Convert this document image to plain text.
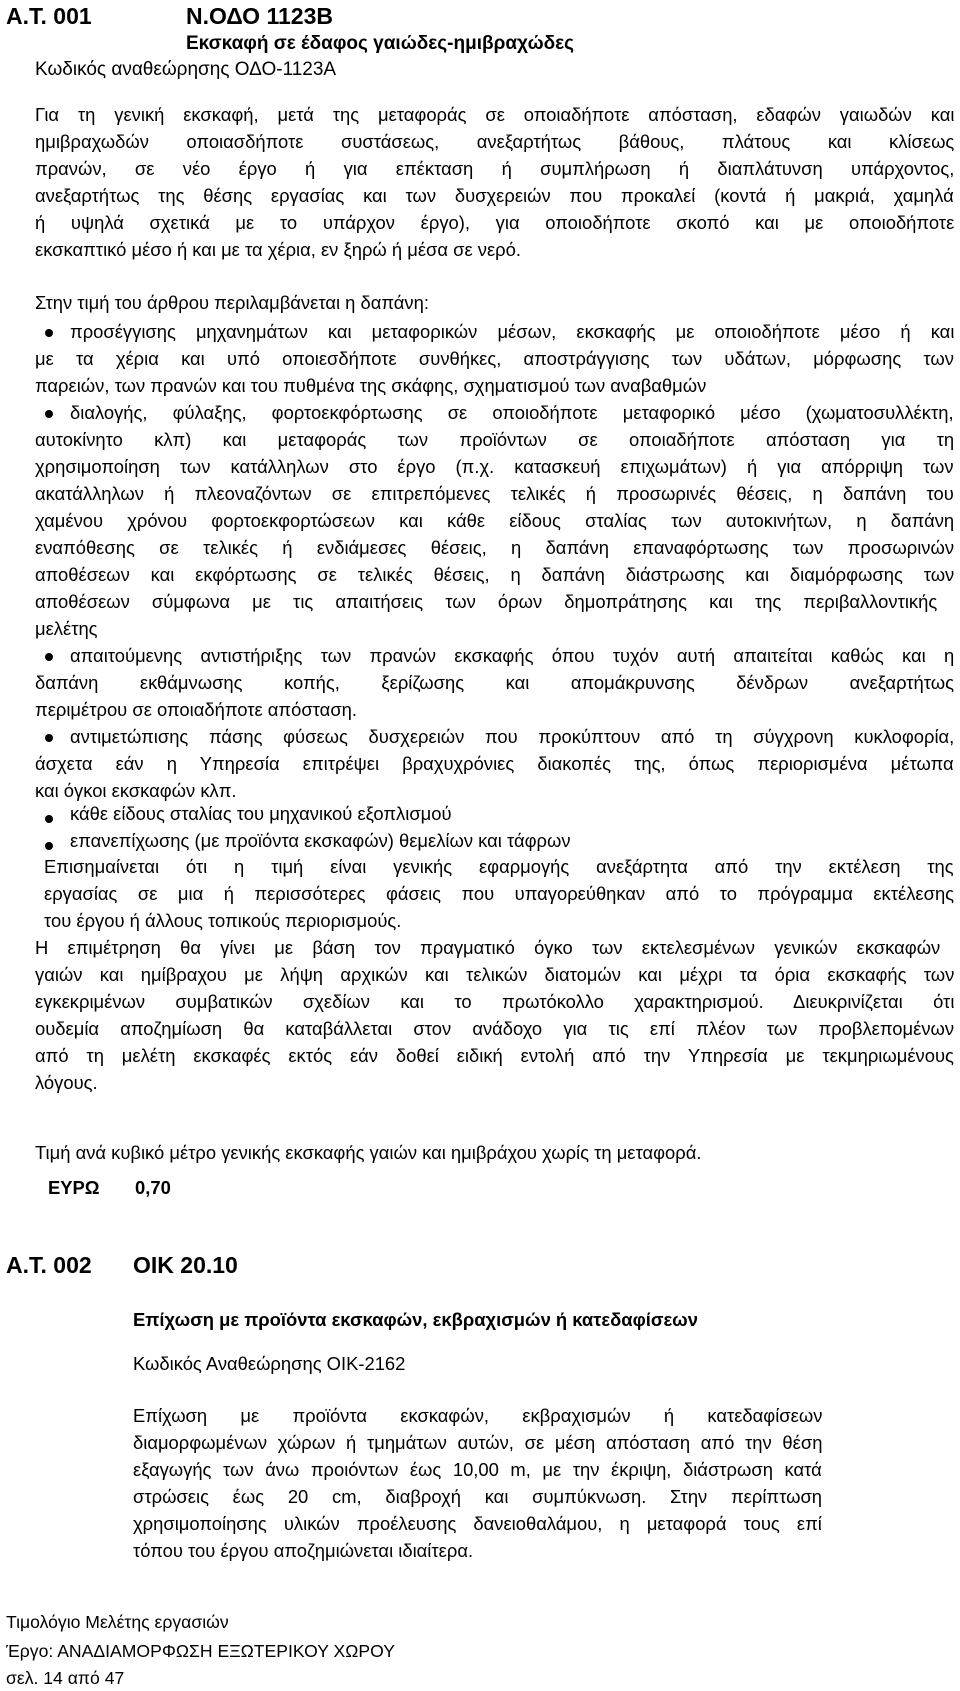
Α.Τ. 001	Ν.ΟΔΟ 1123Β
Εκσκαφή σε έδαφος γαιώδες-ημιβραχώδες
Κωδικός αναθεώρησης ΟΔΟ-1123Α
Για τη γενική εκσκαφή, μετά της μεταφοράς σε οποιαδήποτε απόσταση, εδαφών γαιωδών και
ημιβραχωδών οποιασδήποτε συστάσεως, ανεξαρτήτως βάθους, πλάτους και κλίσεως
πρανών, σε νέο έργο ή για επέκταση ή συμπλήρωση ή διαπλάτυνση υπάρχοντος,
ανεξαρτήτως της θέσης εργασίας και των δυσχερειών που προκαλεί (κοντά ή μακριά, χαμηλά
ή υψηλά σχετικά με το υπάρχον έργο), για οποιοδήποτε σκοπό και με οποιοδήποτε
εκσκαπτικό μέσο ή και με τα χέρια, εν ξηρώ ή μέσα σε νερό.
Στην τιμή του άρθρου περιλαμβάνεται η δαπάνη:
προσέγγισης μηχανημάτων και μεταφορικών μέσων, εκσκαφής με οποιοδήποτε μέσο ή και
με τα χέρια και υπό οποιεσδήποτε συνθήκες, αποστράγγισης των υδάτων, μόρφωσης των
παρειών, των πρανών και του πυθμένα της σκάφης, σχηματισμού των αναβαθμών
διαλογής, φύλαξης, φορτοεκφόρτωσης σε οποιοδήποτε μεταφορικό μέσο (χωματοσυλλέκτη,
αυτοκίνητο κλπ) και μεταφοράς των προϊόντων σε οποιαδήποτε απόσταση για τη
χρησιμοποίηση των κατάλληλων στο έργο (π.χ. κατασκευή επιχωμάτων) ή για απόρριψη των
ακατάλληλων ή πλεοναζόντων σε επιτρεπόμενες τελικές ή προσωρινές θέσεις, η δαπάνη του
χαμένου χρόνου φορτοεκφορτώσεων και κάθε είδους σταλίας των αυτοκινήτων, η δαπάνη
εναπόθεσης σε τελικές ή ενδιάμεσες θέσεις, η δαπάνη επαναφόρτωσης των προσωρινών
αποθέσεων και εκφόρτωσης σε τελικές θέσεις, η δαπάνη διάστρωσης και διαμόρφωσης των
αποθέσεων σύμφωνα με τις απαιτήσεις των όρων δημοπράτησης και της περιβαλλοντικής
μελέτης
απαιτούμενης αντιστήριξης των πρανών εκσκαφής όπου τυχόν αυτή απαιτείται καθώς και η
δαπάνη εκθάμνωσης κοπής, ξερίζωσης και απομάκρυνσης δένδρων ανεξαρτήτως
περιμέτρου σε οποιαδήποτε απόσταση.
αντιμετώπισης πάσης φύσεως δυσχερειών που προκύπτουν από τη σύγχρονη κυκλοφορία,
άσχετα εάν η Υπηρεσία επιτρέψει βραχυχρόνιες διακοπές της, όπως περιορισμένα μέτωπα
και όγκοι εκσκαφών κλπ.
κάθε είδους σταλίας του μηχανικού εξοπλισμού
επανεπίχωσης (με προϊόντα εκσκαφών) θεμελίων και τάφρων
Επισημαίνεται ότι η τιμή είναι γενικής εφαρμογής ανεξάρτητα από την εκτέλεση της
εργασίας σε μια ή περισσότερες φάσεις που υπαγορεύθηκαν από το πρόγραμμα εκτέλεσης
του έργου ή άλλους τοπικούς περιορισμούς.
Η επιμέτρηση θα γίνει με βάση τον πραγματικό όγκο των εκτελεσμένων γενικών εκσκαφών
γαιών και ημίβραχου με λήψη αρχικών και τελικών διατομών και μέχρι τα όρια εκσκαφής των
εγκεκριμένων συμβατικών σχεδίων και το πρωτόκολλο χαρακτηρισμού. Διευκρινίζεται ότι
ουδεμία αποζημίωση θα καταβάλλεται στον ανάδοχο για τις επί πλέον των προβλεπομένων
από τη μελέτη εκσκαφές εκτός εάν δοθεί ειδική εντολή από την Υπηρεσία με τεκμηριωμένους
λόγους.
Τιμή ανά κυβικό μέτρο γενικής εκσκαφής γαιών και ημιβράχου χωρίς τη μεταφορά.
ΕΥΡΩ 0,70
Α.Τ. 002 ΟΙΚ 20.10
Επίχωση με προϊόντα εκσκαφών, εκβραχισμών ή κατεδαφίσεων
Κωδικός Αναθεώρησης ΟΙΚ-2162
Επίχωση με προϊόντα εκσκαφών, εκβραχισμών ή κατεδαφίσεων
διαμορφωμένων χώρων ή τμημάτων αυτών, σε μέση απόσταση από την θέση
εξαγωγής των άνω προιόντων έως 10,00 m, με την έκριψη, διάστρωση κατά
στρώσεις έως 20 cm, διαβροχή και συμπύκνωση. Στην περίπτωση
χρησιμοποίησης υλικών προέλευσης δανειοθαλάμου, η μεταφορά τους επί
τόπου του έργου αποζημιώνεται ιδιαίτερα.
Τιμολόγιο Μελέτης εργασιών
Έργο: ΑΝΑΔΙΑΜΟΡΦΩΣΗ ΕΞΩΤΕΡΙΚΟΥ ΧΩΡΟΥ
σελ. 14 από 47
